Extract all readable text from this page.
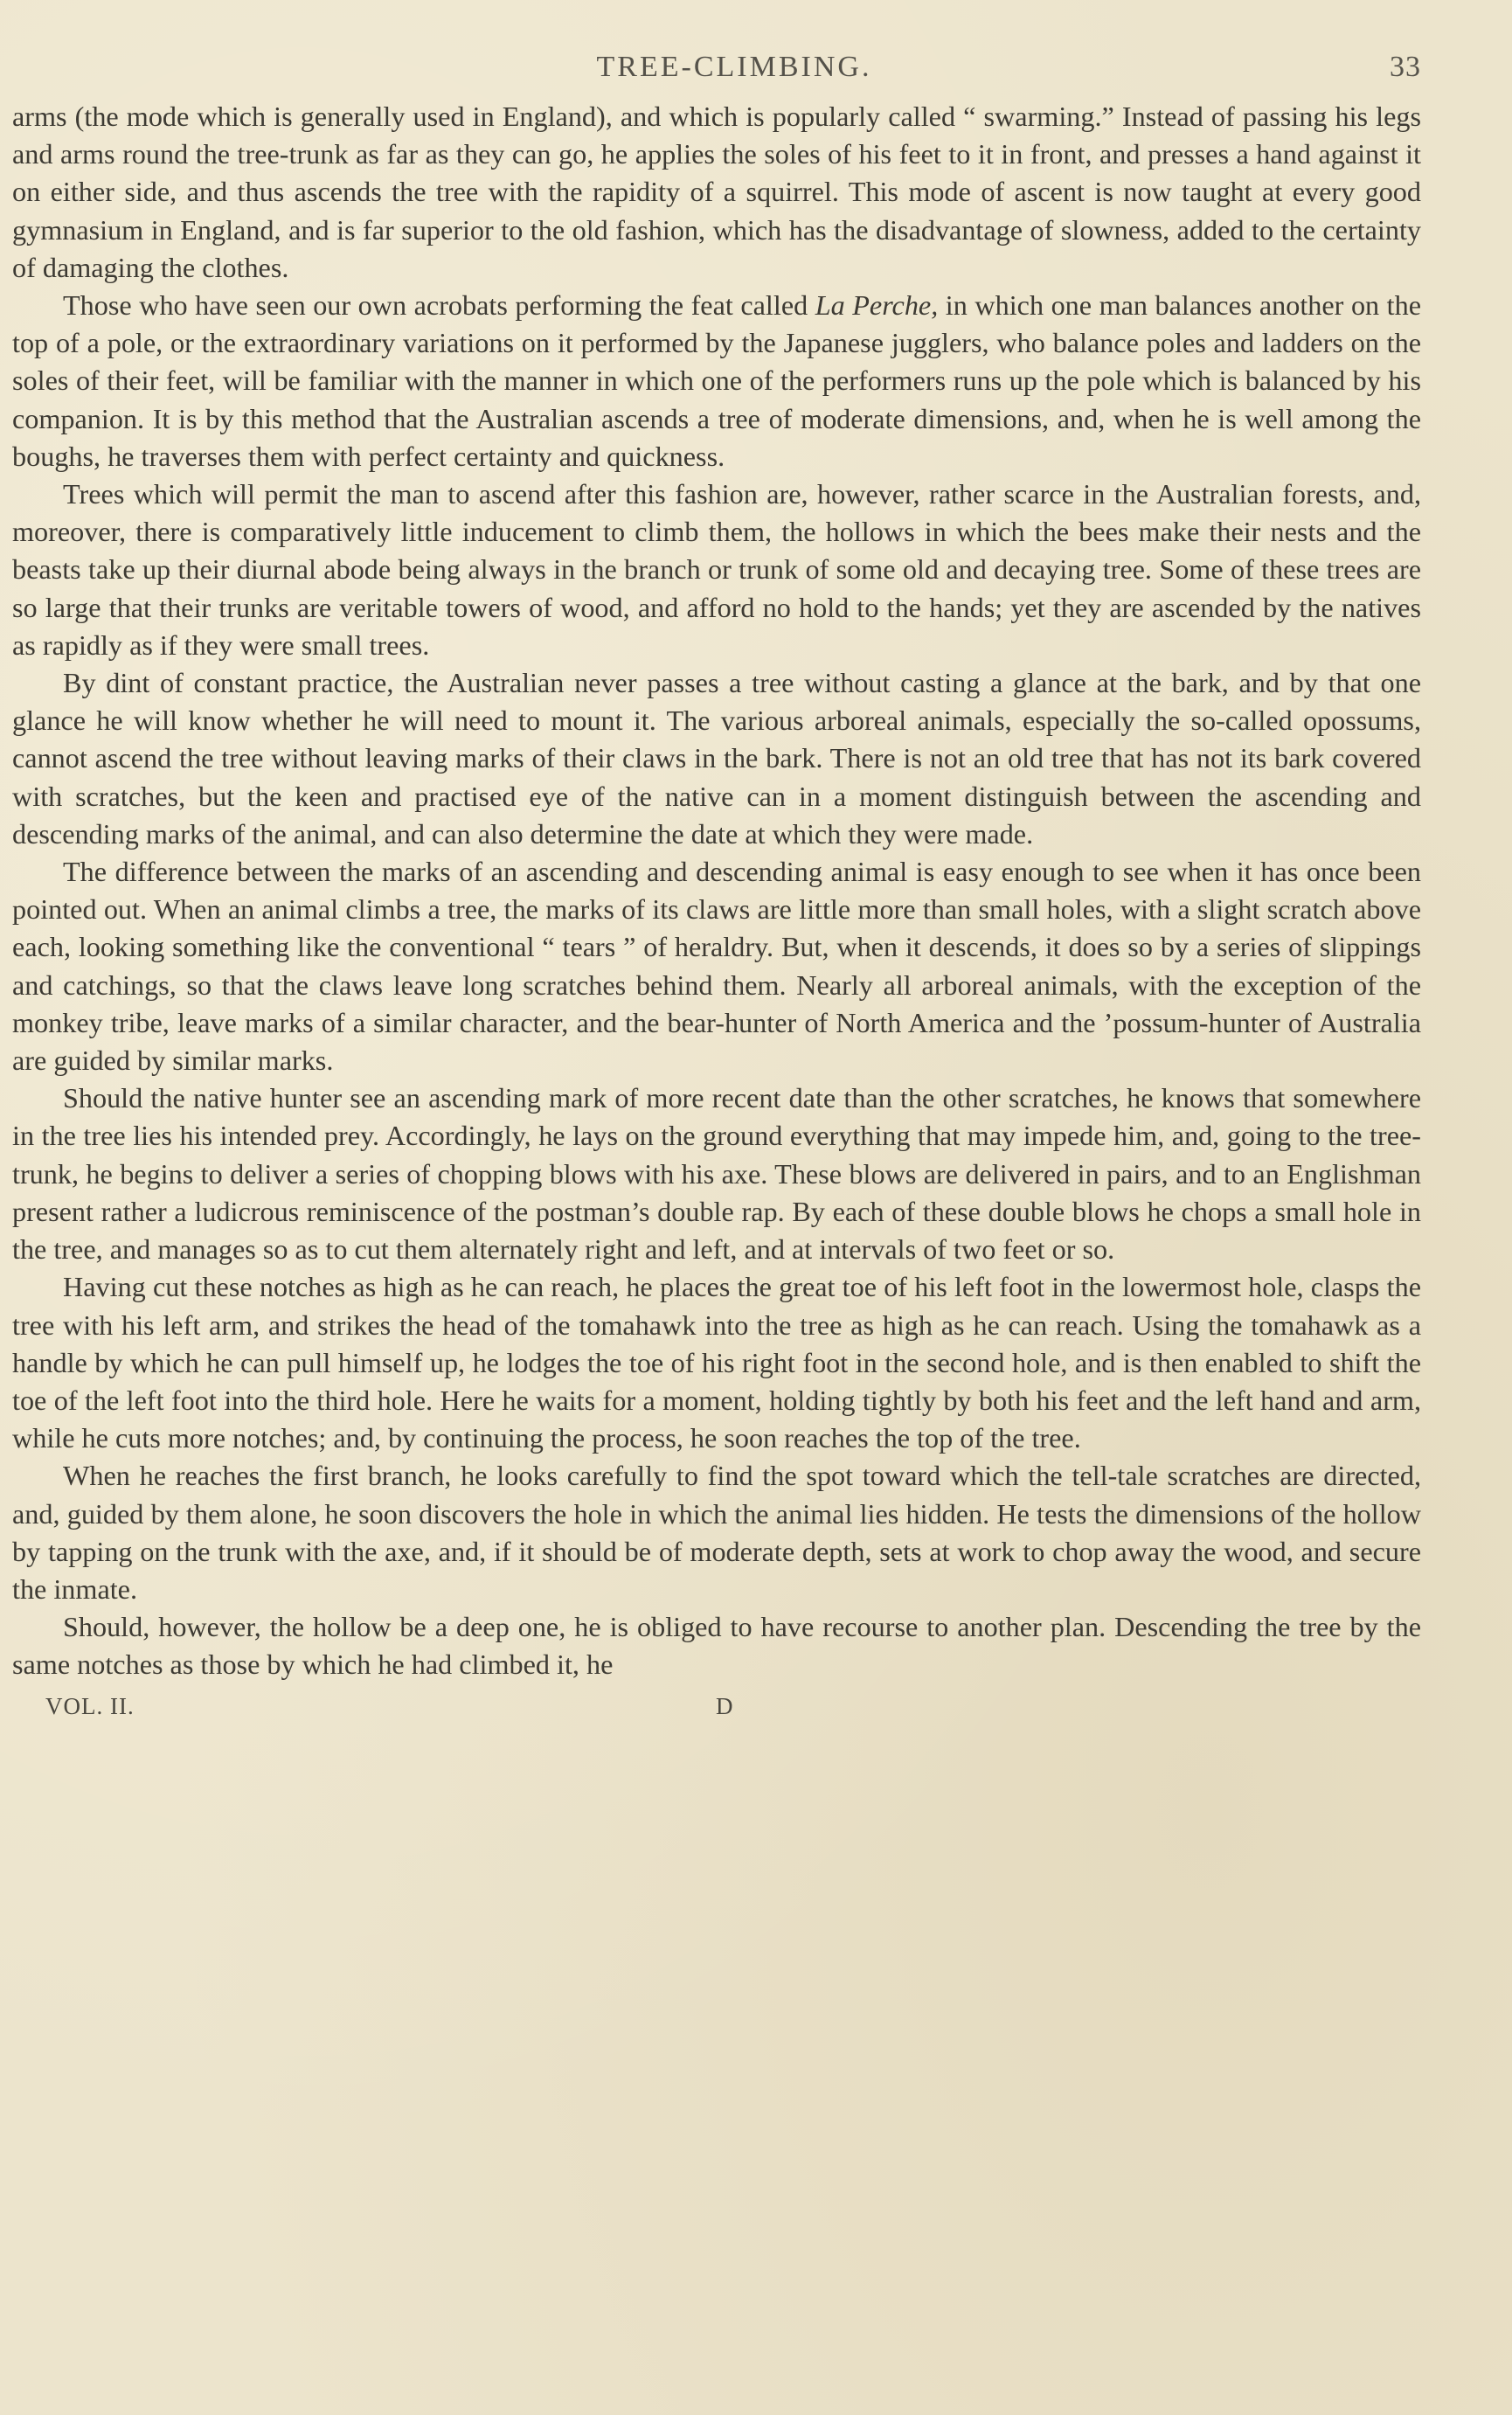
TREE-CLIMBING.	33

arms (the mode which is generally used in England), and which is popularly called “ swarming.” Instead of passing his legs and arms round the tree-trunk as far as they can go, he applies the soles of his feet to it in front, and presses a hand against it on either side, and thus ascends the tree with the rapidity of a squirrel. This mode of ascent is now taught at every good gymnasium in England, and is far superior to the old fashion, which has the disadvantage of slowness, added to the certainty of damaging the clothes.

Those who have seen our own acrobats performing the feat called La Perche, in which one man balances another on the top of a pole, or the extraordinary variations on it performed by the Japanese jugglers, who balance poles and ladders on the soles of their feet, will be familiar with the manner in which one of the performers runs up the pole which is balanced by his companion. It is by this method that the Australian ascends a tree of moderate dimensions, and, when he is well among the boughs, he traverses them with perfect certainty and quickness.

Trees which will permit the man to ascend after this fashion are, however, rather scarce in the Australian forests, and, moreover, there is comparatively little inducement to climb them, the hollows in which the bees make their nests and the beasts take up their diurnal abode being always in the branch or trunk of some old and decaying tree. Some of these trees are so large that their trunks are veritable towers of wood, and afford no hold to the hands; yet they are ascended by the natives as rapidly as if they were small trees.

By dint of constant practice, the Australian never passes a tree without casting a glance at the bark, and by that one glance he will know whether he will need to mount it. The various arboreal animals, especially the so-called opossums, cannot ascend the tree without leaving marks of their claws in the bark. There is not an old tree that has not its bark covered with scratches, but the keen and practised eye of the native can in a moment distinguish between the ascending and descending marks of the animal, and can also determine the date at which they were made.

The difference between the marks of an ascending and descending animal is easy enough to see when it has once been pointed out. When an animal climbs a tree, the marks of its claws are little more than small holes, with a slight scratch above each, looking something like the conventional “ tears ” of heraldry. But, when it descends, it does so by a series of slippings and catchings, so that the claws leave long scratches behind them. Nearly all arboreal animals, with the exception of the monkey tribe, leave marks of a similar character, and the bear-hunter of North America and the ’possum-hunter of Australia are guided by similar marks.

Should the native hunter see an ascending mark of more recent date than the other scratches, he knows that somewhere in the tree lies his intended prey. Accordingly, he lays on the ground everything that may impede him, and, going to the tree-trunk, he begins to deliver a series of chopping blows with his axe. These blows are delivered in pairs, and to an Englishman present rather a ludicrous reminiscence of the postman’s double rap. By each of these double blows he chops a small hole in the tree, and manages so as to cut them alternately right and left, and at intervals of two feet or so.

Having cut these notches as high as he can reach, he places the great toe of his left foot in the lowermost hole, clasps the tree with his left arm, and strikes the head of the tomahawk into the tree as high as he can reach. Using the tomahawk as a handle by which he can pull himself up, he lodges the toe of his right foot in the second hole, and is then enabled to shift the toe of the left foot into the third hole. Here he waits for a moment, holding tightly by both his feet and the left hand and arm, while he cuts more notches; and, by continuing the process, he soon reaches the top of the tree.

When he reaches the first branch, he looks carefully to find the spot toward which the tell-tale scratches are directed, and, guided by them alone, he soon discovers the hole in which the animal lies hidden. He tests the dimensions of the hollow by tapping on the trunk with the axe, and, if it should be of moderate depth, sets at work to chop away the wood, and secure the inmate.

Should, however, the hollow be a deep one, he is obliged to have recourse to another plan. Descending the tree by the same notches as those by which he had climbed it, he

VOL. II.	D
